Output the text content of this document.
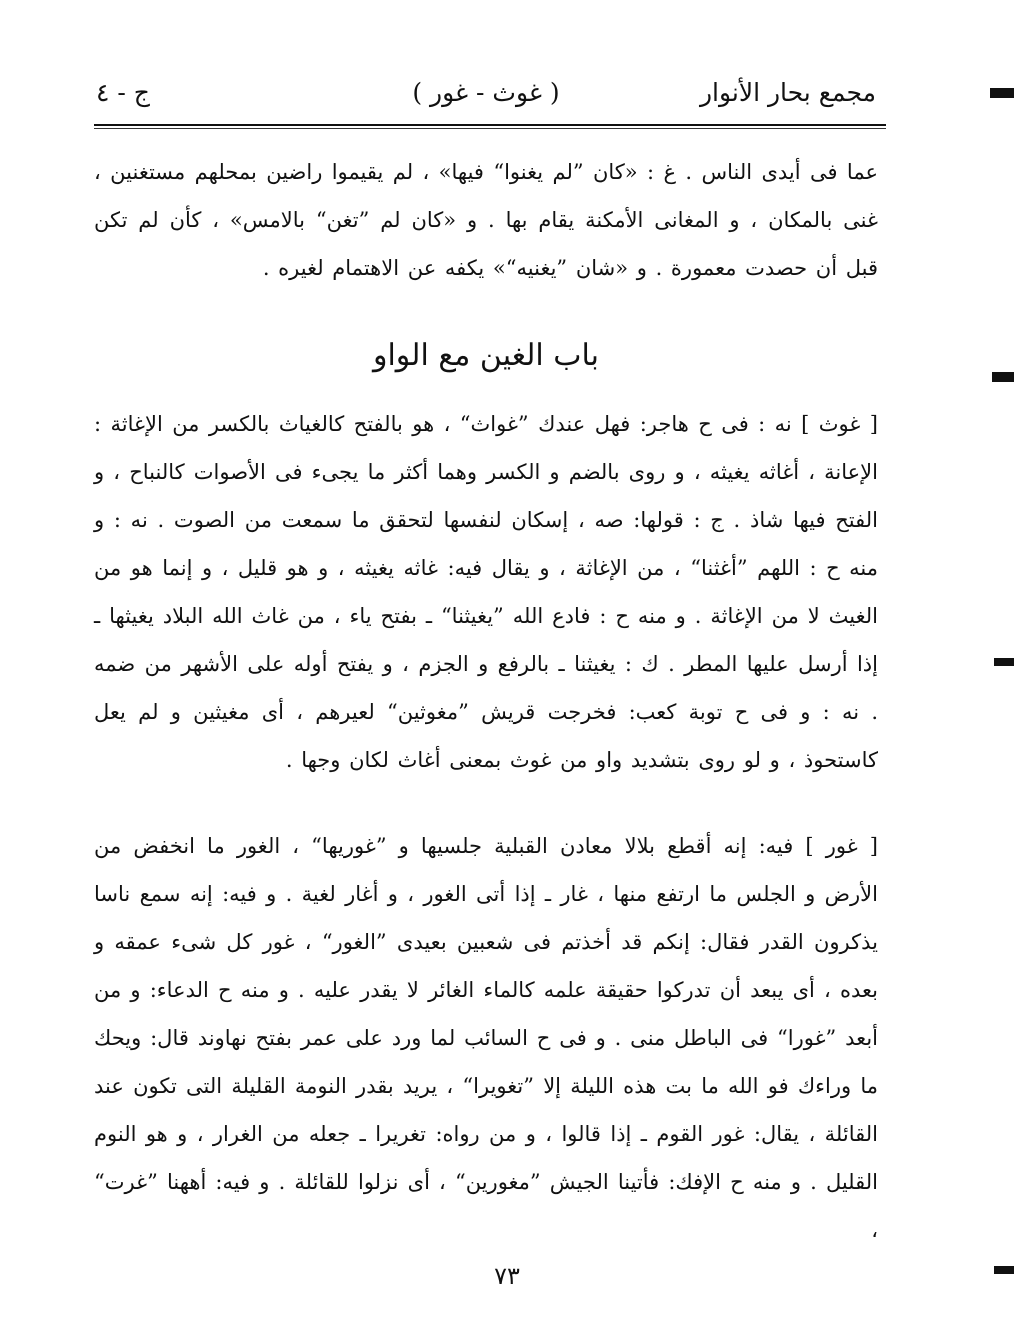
مجمع بحار الأنوار
( غوث - غور )
ج - ٤

عما فى أيدى الناس . غ : «كان ”لم يغنوا“ فيها» ، لم يقيموا راضين بمحلهم مستغنين ، غنى بالمكان ، و المغانى الأمكنة يقام بها . و «كان لم ”تغن“ بالامس» ، كأن لم تكن قبل أن حصدت معمورة . و «شان ”يغنيه“» يكفه عن الاهتمام لغيره .

باب الغين مع الواو

[ غوث ] نه : فى ح هاجر: فهل عندك ”غواث“ ، هو بالفتح كالغياث بالكسر من الإغاثة : الإعانة ، أغاثه يغيثه ، و روى بالضم و الكسر وهما أكثر ما يجىء فى الأصوات كالنباح ، و الفتح فيها شاذ . ج : قولها: صه ، إسكان لنفسها لتحقق ما سمعت من الصوت . نه : و منه ح : اللهم ”أغثنا“ ، من الإغاثة ، و يقال فيه: غاثه يغيثه ، و هو قليل ، و إنما هو من الغيث لا من الإغاثة . و منه ح : فادع الله ”يغيثنا“ ـ بفتح ياء ، من غاث الله البلاد يغيثها ـ إذا أرسل عليها المطر . ك : يغيثنا ـ بالرفع و الجزم ، و يفتح أوله على الأشهر من ضمه . نه : و فى ح توبة كعب: فخرجت قريش ”مغوثين“ لعيرهم ، أى مغيثين و لم يعل كاستحوذ ، و لو روى بتشديد واو من غوث بمعنى أغاث لكان وجها .

[ غور ] فيه: إنه أقطع بلالا معادن القبلية جلسيها و ”غوريها“ ، الغور ما انخفض من الأرض و الجلس ما ارتفع منها ، غار ـ إذا أتى الغور ، و أغار لغية . و فيه: إنه سمع ناسا يذكرون القدر فقال: إنكم قد أخذتم فى شعبين بعيدى ”الغور“ ، غور كل شىء عمقه و بعده ، أى يبعد أن تدركوا حقيقة علمه كالماء الغائر لا يقدر عليه . و منه ح الدعاء: و من أبعد ”غورا“ فى الباطل منى . و فى ح السائب لما ورد على عمر بفتح نهاوند قال: ويحك ما وراءك فو الله ما بت هذه الليلة إلا ”تغويرا“ ، يريد بقدر النومة القليلة التى تكون عند القائلة ، يقال: غور القوم ـ إذا قالوا ، و من رواه: تغريرا ـ جعله من الغرار ، و هو النوم القليل . و منه ح الإفك: فأتينا الجيش ”مغورين“ ، أى نزلوا للقائلة . و فيه: أههنا ”غرت“ ،

٧٣
